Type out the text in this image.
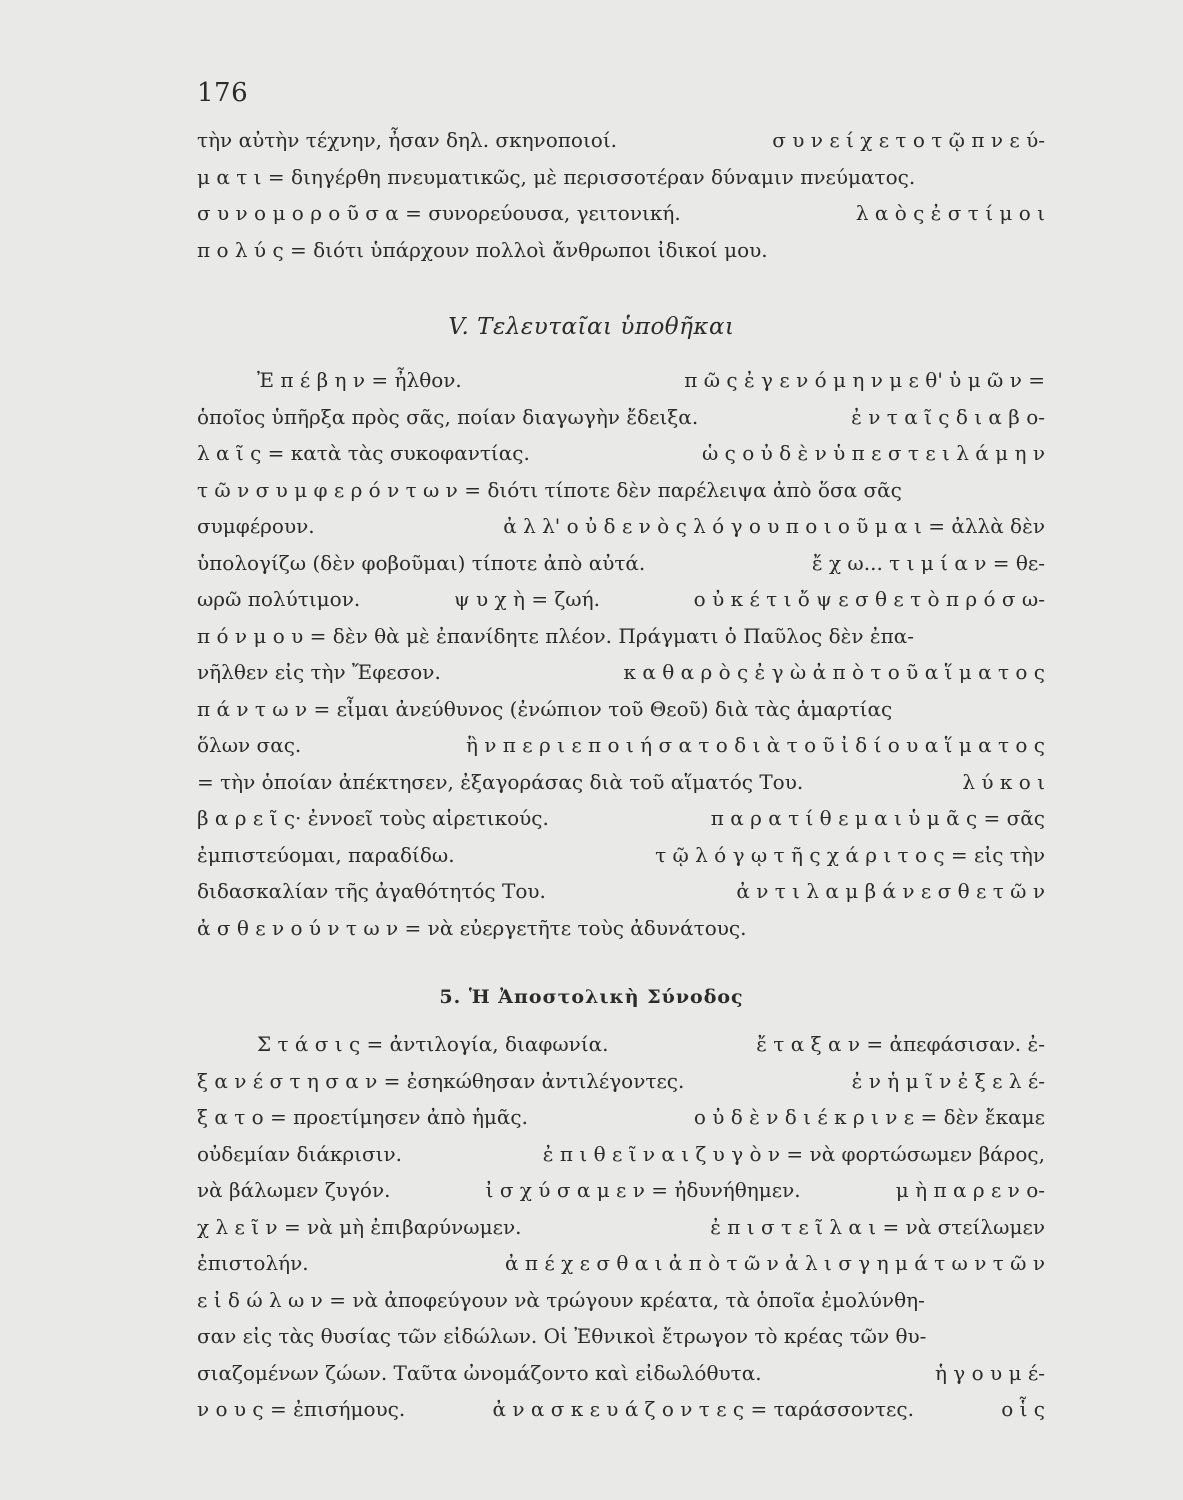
176
τὴν αὐτὴν τέχνην, ἦσαν δηλ. σκηνοποιοί.	σ υ ν ε ί χ ε τ ο τ ῷ π ν ε ύ-
μ α τ ι = διηγέρθη πνευματικῶς, μὲ περισσοτέραν δύναμιν πνεύματος.
σ υ ν ο μ ο ρ ο ῦ σ α = συνορεύουσα, γειτονική.	λ α ὸ ς ἐ σ τ ί μ ο ι
π ο λ ύ ς = διότι ὑπάρχουν πολλοὶ ἄνθρωποι ἰδικοί μου.
V. Τελευταῖαι ὑποθῆκαι
Ἐ π έ β η ν = ἦλθον.	π ῶ ς ἐ γ ε ν ό μ η ν μ ε θ' ὑ μ ῶ ν =
ὁποῖος ὑπῆρξα πρὸς σᾶς, ποίαν διαγωγὴν ἔδειξα.	ἐ ν τ α ῖ ς δ ι α β ο-
λ α ῖ ς = κατὰ τὰς συκοφαντίας.	ὡ ς ο ὐ δ ὲ ν ὑ π ε σ τ ε ι λ ά μ η ν
τ ῶ ν σ υ μ φ ε ρ ό ν τ ω ν = διότι τίποτε δὲν παρέλειψα ἀπὸ ὅσα σᾶς
συμφέρουν.	ἀ λ λ' ο ὐ δ ε ν ὸ ς λ ό γ ο υ π ο ι ο ῦ μ α ι = ἀλλὰ δὲν
ὑπολογίζω (δὲν φοβοῦμαι) τίποτε ἀπὸ αὐτά.	ἔ χ ω... τ ι μ ί α ν = θε-
ωρῶ πολύτιμον.	ψ υ χ ὴ = ζωή.	ο ὐ κ έ τ ι ὄ ψ ε σ θ ε τ ὸ π ρ ό σ ω-
π ό ν μ ο υ = δὲν θὰ μὲ ἐπανίδητε πλέον. Πράγματι ὁ Παῦλος δὲν ἐπα-
νῆλθεν εἰς τὴν Ἔφεσον.	κ α θ α ρ ὸ ς ἐ γ ὼ ἀ π ὸ τ ο ῦ α ἵ μ α τ ο ς
π ά ν τ ω ν = εἶμαι ἀνεύθυνος (ἐνώπιον τοῦ Θεοῦ) διὰ τὰς ἁμαρτίας
ὅλων σας.	ἣ ν π ε ρ ι ε π ο ι ή σ α τ ο δ ι ὰ τ ο ῦ ἰ δ ί ο υ α ἵ μ α τ ο ς
= τὴν ὁποίαν ἀπέκτησεν, ἐξαγοράσας διὰ τοῦ αἵματός Του.	λ ύ κ ο ι
β α ρ ε ῖ ς· ἐννοεῖ τοὺς αἱρετικούς.	π α ρ α τ ί θ ε μ α ι ὑ μ ᾶ ς = σᾶς
ἐμπιστεύομαι, παραδίδω.	τ ῷ λ ό γ ῳ τ ῆ ς χ ά ρ ι τ ο ς = εἰς τὴν
διδασκαλίαν τῆς ἀγαθότητός Του.	ἀ ν τ ι λ α μ β ά ν ε σ θ ε τ ῶ ν
ἀ σ θ ε ν ο ύ ν τ ω ν = νὰ εὐεργετῆτε τοὺς ἀδυνάτους.
5. Ἡ Ἀποστολικὴ Σύνοδος
Σ τ ά σ ι ς = ἀντιλογία, διαφωνία.	ἔ τ α ξ α ν = ἀπεφάσισαν. ἐ-
ξ α ν έ σ τ η σ α ν = ἐσηκώθησαν ἀντιλέγοντες.	ἐ ν ἡ μ ῖ ν ἐ ξ ε λ έ-
ξ α τ ο = προετίμησεν ἀπὸ ἡμᾶς.	ο ὐ δ ὲ ν δ ι έ κ ρ ι ν ε = δὲν ἔκαμε
οὐδεμίαν διάκρισιν.	ἐ π ι θ ε ῖ ν α ι ζ υ γ ὸ ν = νὰ φορτώσωμεν βάρος,
νὰ βάλωμεν ζυγόν.	ἰ σ χ ύ σ α μ ε ν = ἠδυνήθημεν.	μ ὴ π α ρ ε ν ο-
χ λ ε ῖ ν = νὰ μὴ ἐπιβαρύνωμεν.	ἐ π ι σ τ ε ῖ λ α ι = νὰ στείλωμεν
ἐπιστολήν.	ἀ π έ χ ε σ θ α ι ἀ π ὸ τ ῶ ν ἀ λ ι σ γ η μ ά τ ω ν τ ῶ ν
ε ἰ δ ώ λ ω ν = νὰ ἀποφεύγουν νὰ τρώγουν κρέατα, τὰ ὁποῖα ἐμολύνθη-
σαν εἰς τὰς θυσίας τῶν εἰδώλων. Οἱ Ἐθνικοὶ ἔτρωγον τὸ κρέας τῶν θυ-
σιαζομένων ζώων. Ταῦτα ὠνομάζοντο καὶ εἰδωλόθυτα.	ἡ γ ο υ μ έ-
ν ο υ ς = ἐπισήμους.	ἀ ν α σ κ ε υ ά ζ ο ν τ ε ς = ταράσσοντες.	ο ἷ ς
